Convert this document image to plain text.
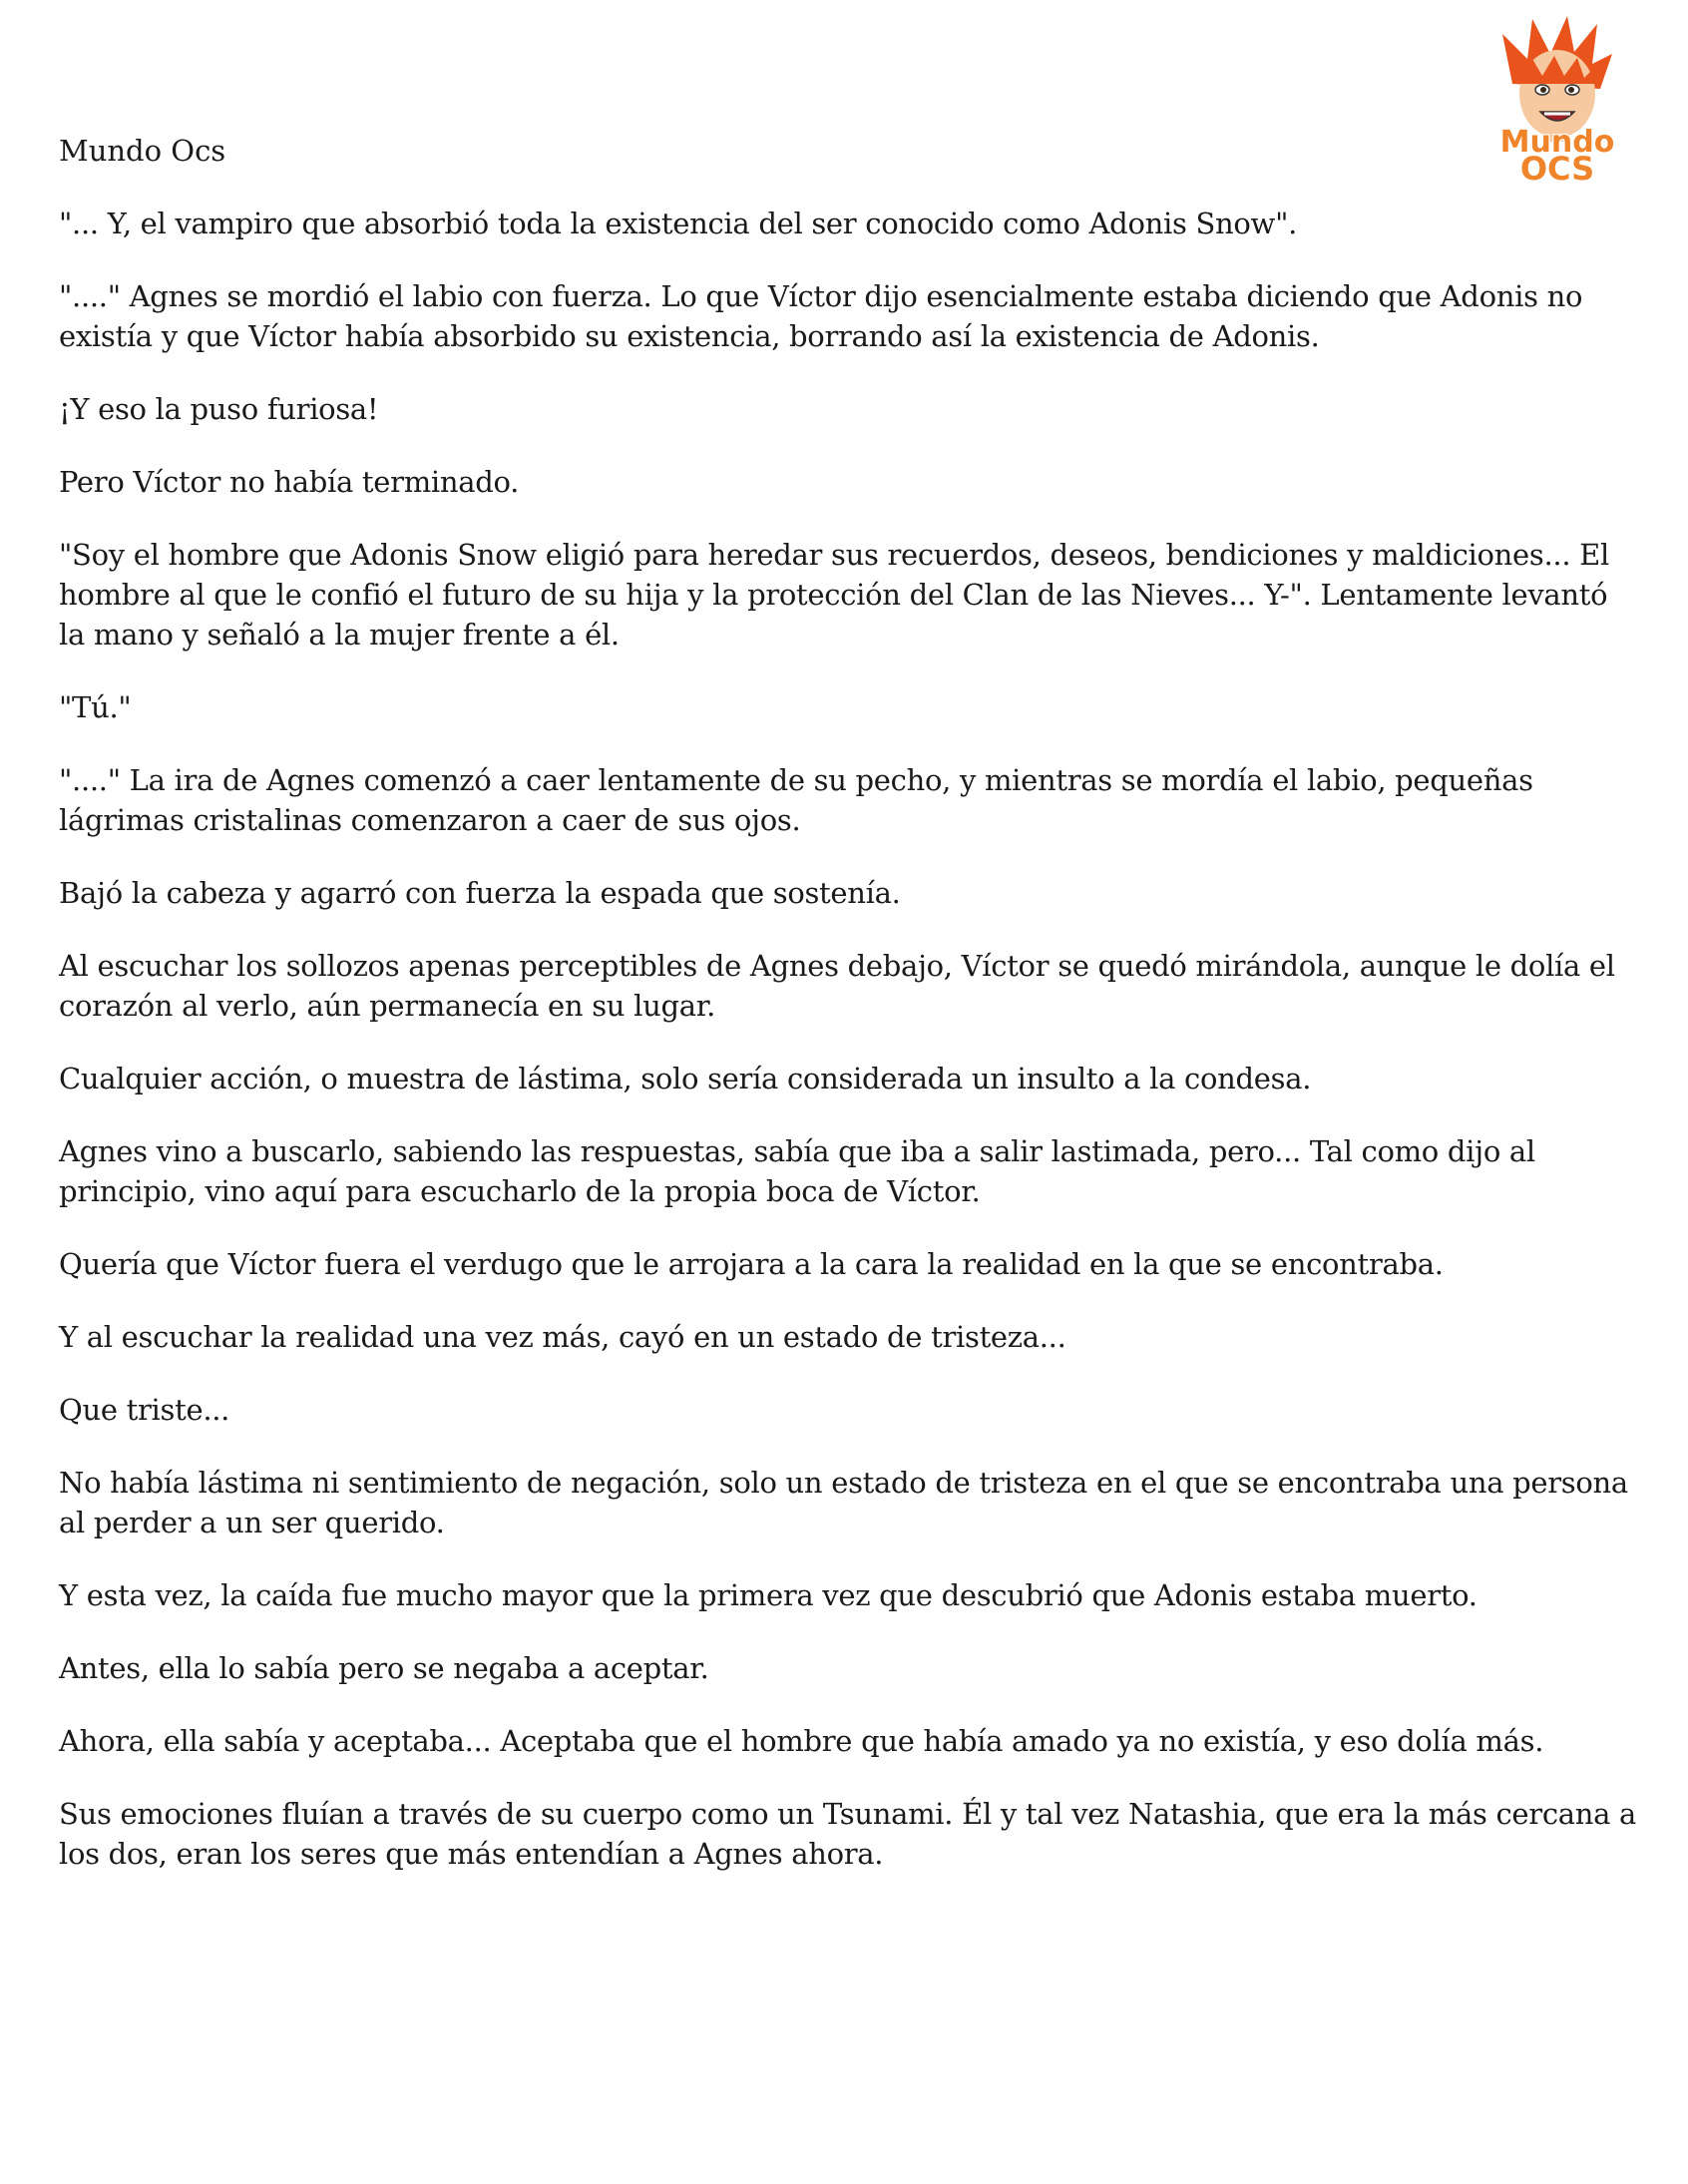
Mundo
OCS
Mundo Ocs

"... Y, el vampiro que absorbió toda la existencia del ser conocido como Adonis Snow".

"...." Agnes se mordió el labio con fuerza. Lo que Víctor dijo esencialmente estaba diciendo que Adonis no existía y que Víctor había absorbido su existencia, borrando así la existencia de Adonis.

¡Y eso la puso furiosa!

Pero Víctor no había terminado.

"Soy el hombre que Adonis Snow eligió para heredar sus recuerdos, deseos, bendiciones y maldiciones... El hombre al que le confió el futuro de su hija y la protección del Clan de las Nieves... Y-". Lentamente levantó la mano y señaló a la mujer frente a él.

"Tú."

"...." La ira de Agnes comenzó a caer lentamente de su pecho, y mientras se mordía el labio, pequeñas lágrimas cristalinas comenzaron a caer de sus ojos.

Bajó la cabeza y agarró con fuerza la espada que sostenía.

Al escuchar los sollozos apenas perceptibles de Agnes debajo, Víctor se quedó mirándola, aunque le dolía el corazón al verlo, aún permanecía en su lugar.

Cualquier acción, o muestra de lástima, solo sería considerada un insulto a la condesa.

Agnes vino a buscarlo, sabiendo las respuestas, sabía que iba a salir lastimada, pero... Tal como dijo al principio, vino aquí para escucharlo de la propia boca de Víctor.

Quería que Víctor fuera el verdugo que le arrojara a la cara la realidad en la que se encontraba.

Y al escuchar la realidad una vez más, cayó en un estado de tristeza...

Que triste...

No había lástima ni sentimiento de negación, solo un estado de tristeza en el que se encontraba una persona al perder a un ser querido.

Y esta vez, la caída fue mucho mayor que la primera vez que descubrió que Adonis estaba muerto.

Antes, ella lo sabía pero se negaba a aceptar.

Ahora, ella sabía y aceptaba... Aceptaba que el hombre que había amado ya no existía, y eso dolía más.

Sus emociones fluían a través de su cuerpo como un Tsunami. Él y tal vez Natashia, que era la más cercana a los dos, eran los seres que más entendían a Agnes ahora.
